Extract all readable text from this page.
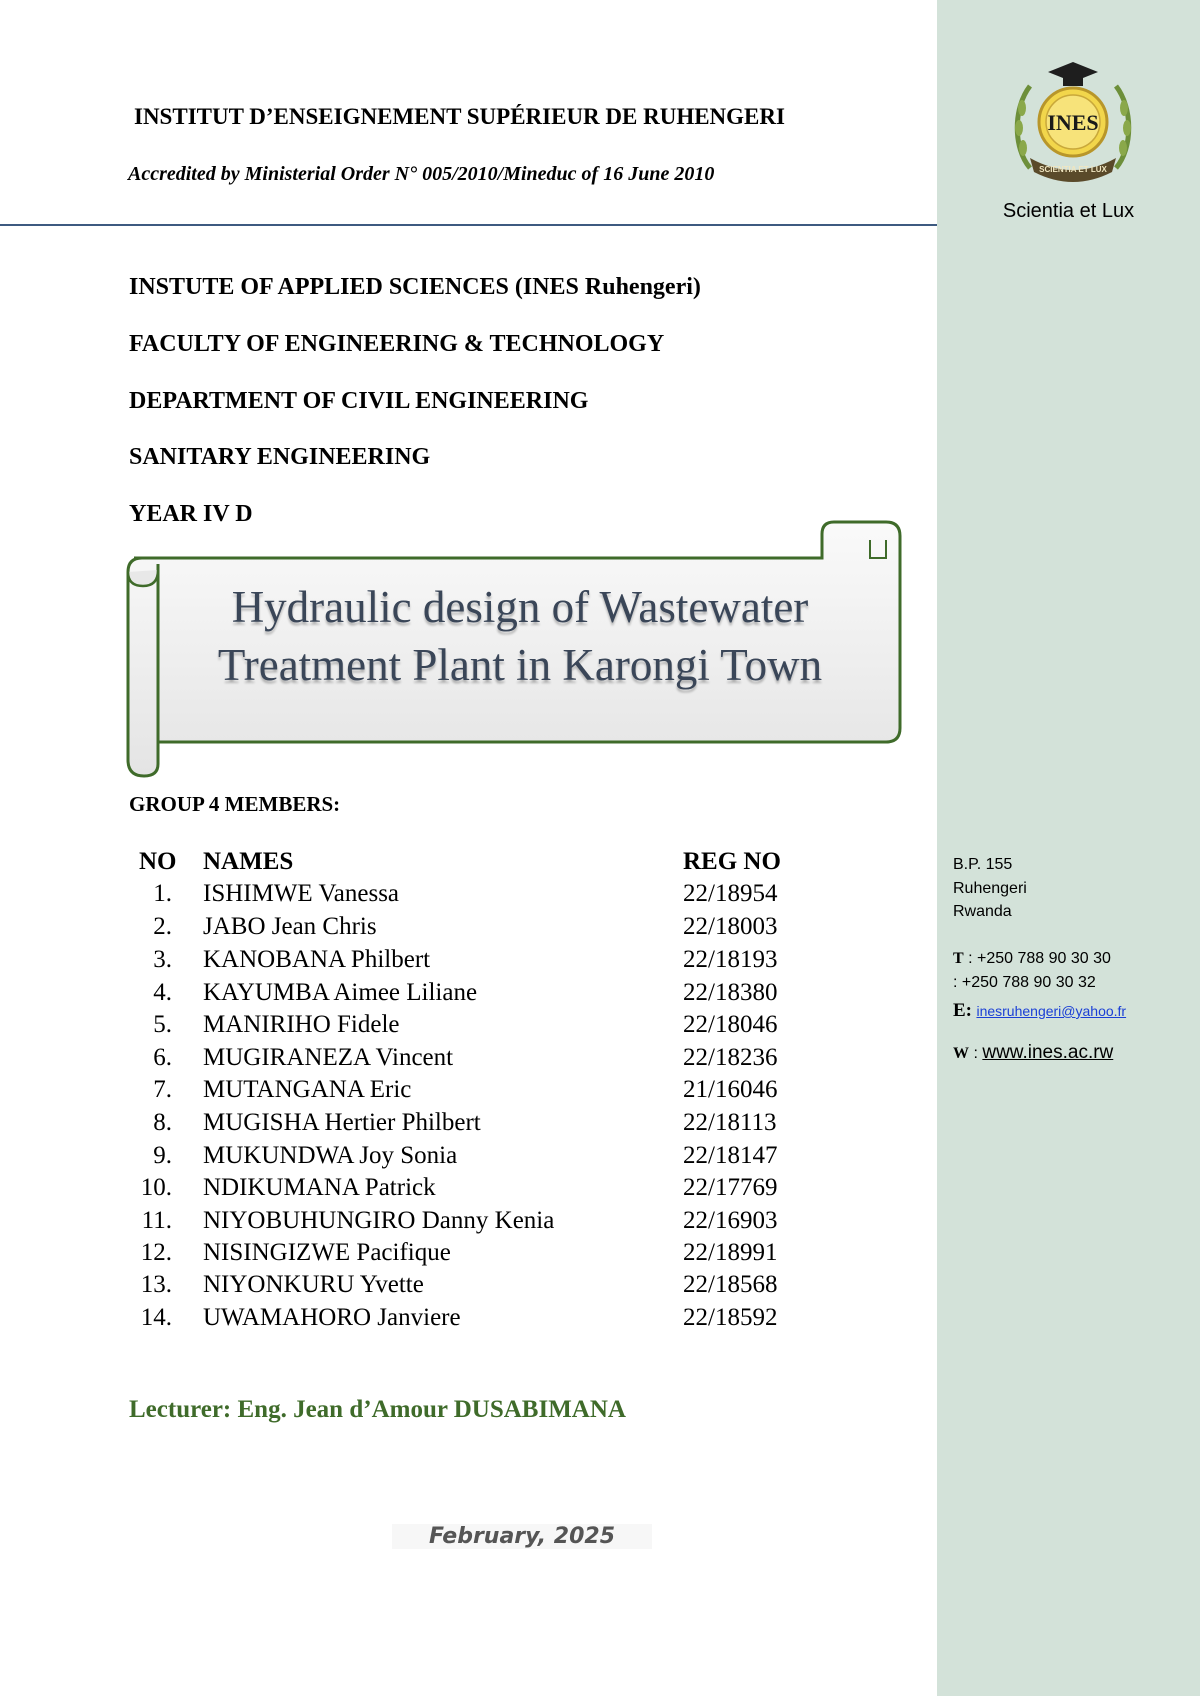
INSTITUT D’ENSEIGNEMENT SUPÉRIEUR DE RUHENGERI
Accredited by Ministerial Order N° 005/2010/Mineduc of 16 June 2010
INES
SCIENTIA ET LUX
Scientia et Lux
INSTUTE OF APPLIED SCIENCES (INES Ruhengeri)
FACULTY OF ENGINEERING & TECHNOLOGY
DEPARTMENT OF CIVIL ENGINEERING
SANITARY ENGINEERING
YEAR IV D
Hydraulic design of Wastewater
Treatment Plant in Karongi Town
GROUP 4 MEMBERS:
NO NAMES	REG NO
1. ISHIMWE Vanessa	22/18954
2. JABO Jean Chris	22/18003
3. KANOBANA Philbert	22/18193
4. KAYUMBA Aimee Liliane	22/18380
5. MANIRIHO Fidele	22/18046
6. MUGIRANEZA Vincent	22/18236
7. MUTANGANA Eric	21/16046
8. MUGISHA Hertier Philbert	22/18113
9. MUKUNDWA Joy Sonia	22/18147
10. NDIKUMANA Patrick	22/17769
11. NIYOBUHUNGIRO Danny Kenia	22/16903
12. NISINGIZWE Pacifique	22/18991
13. NIYONKURU Yvette	22/18568
14. UWAMAHORO Janviere	22/18592
Lecturer: Eng. Jean d’Amour DUSABIMANA
February, 2025
B.P. 155
Ruhengeri
Rwanda
T : +250 788 90 30 30
: +250 788 90 30 32
E: inesruhengeri@yahoo.fr
W : www.ines.ac.rw
